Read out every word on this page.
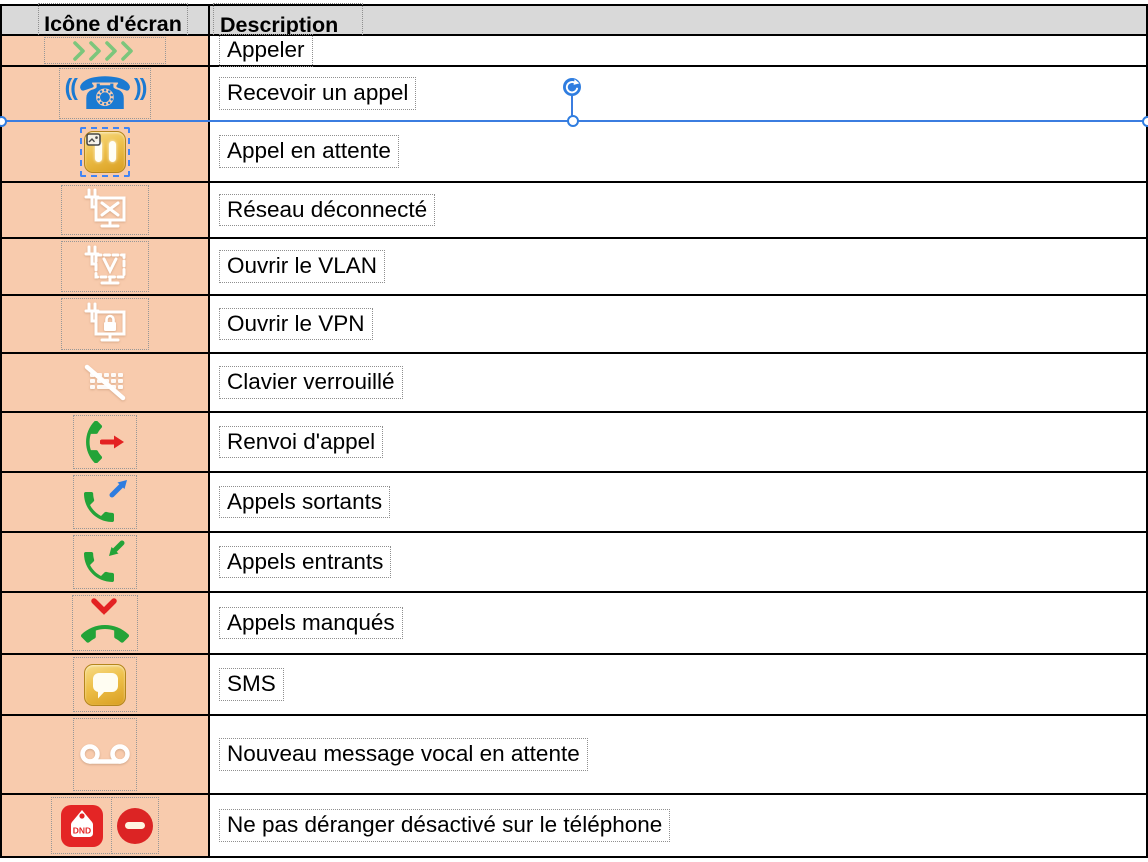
Icône d'écran Description
Appeler
(( ☎ ))	Recevoir un appel
Appel en attente
Réseau déconnecté
Ouvrir le VLAN
Ouvrir le VPN
Clavier verrouillé
Renvoi d'appel
Appels sortants
Appels entrants
Appels manqués
SMS
Nouveau message vocal en attente
DND	Ne pas déranger désactivé sur le téléphone
